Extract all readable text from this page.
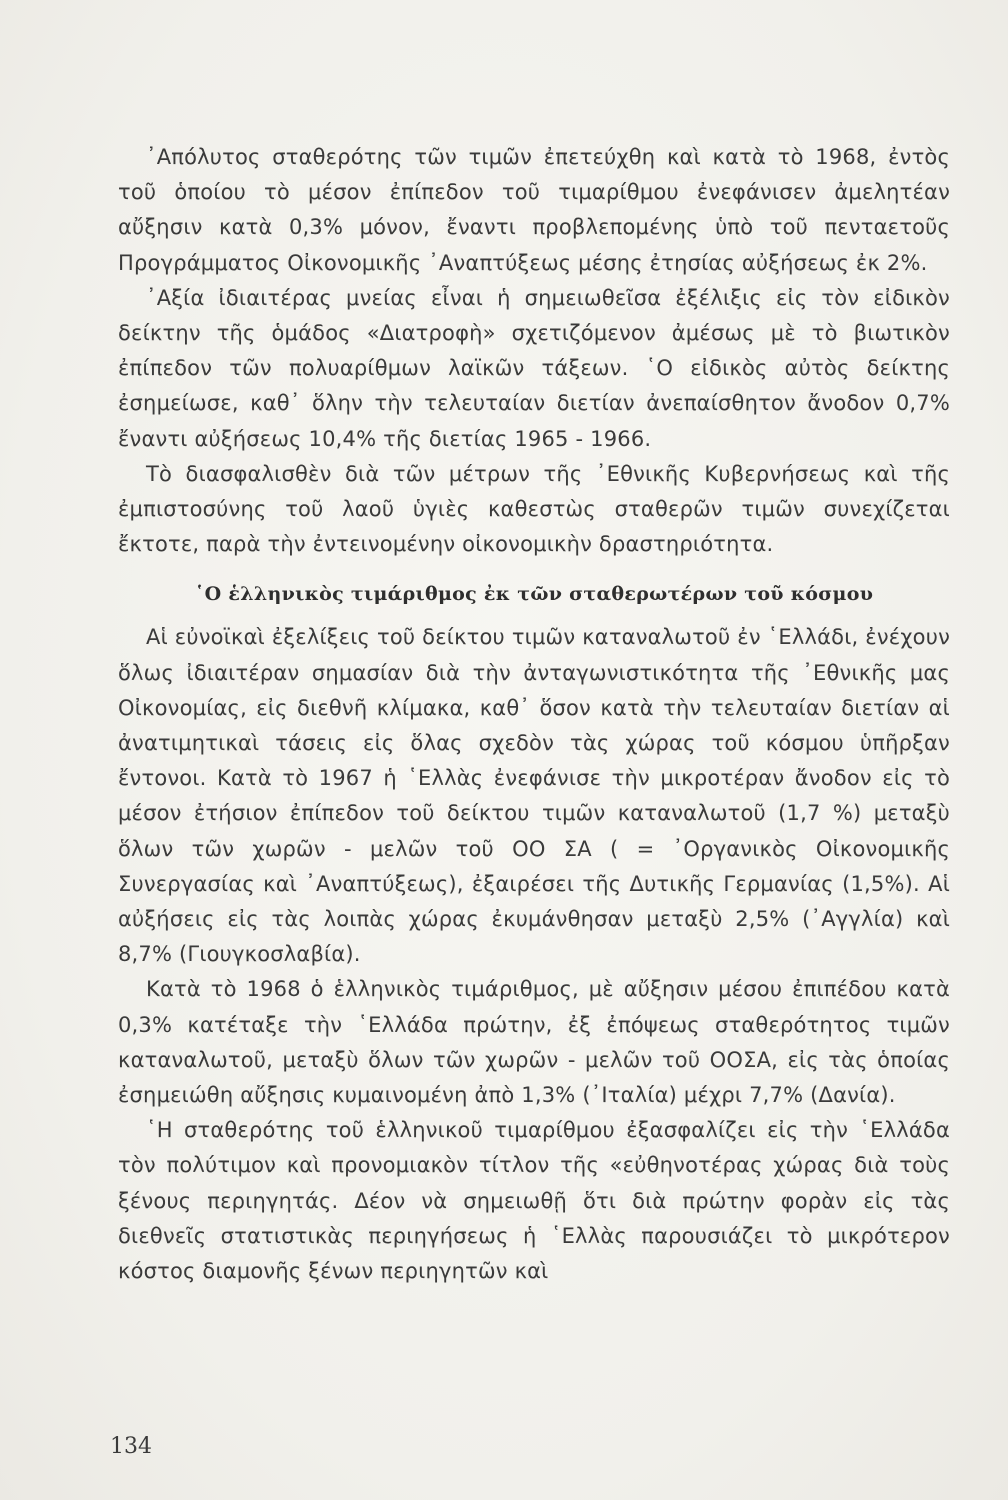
᾿Απόλυτος σταθερότης τῶν τιμῶν ἐπετεύχθη καὶ κατὰ τὸ 1968, ἐντὸς τοῦ ὁποίου τὸ μέσον ἐπίπεδον τοῦ τιμαρίθμου ἐνεφάνισεν ἀμελητέαν αὔξησιν κατὰ 0,3% μόνον, ἔναντι προβλεπομένης ὑπὸ τοῦ πενταετοῦς Προγράμματος Οἰκονομικῆς ᾿Αναπτύξεως μέσης ἐτησίας αὐξήσεως ἐκ 2%.

᾿Αξία ἰδιαιτέρας μνείας εἶναι ἡ σημειωθεῖσα ἐξέλιξις εἰς τὸν εἰδικὸν δείκτην τῆς ὁμάδος «Διατροφὴ» σχετιζόμενον ἀμέσως μὲ τὸ βιωτικὸν ἐπίπεδον τῶν πολυαρίθμων λαϊκῶν τάξεων. ῾Ο εἰδικὸς αὐτὸς δείκτης ἐσημείωσε, καθ᾿ ὅλην τὴν τελευταίαν διετίαν ἀνεπαίσθητον ἄνοδον 0,7% ἔναντι αὐξήσεως 10,4% τῆς διετίας 1965 - 1966.

Τὸ διασφαλισθὲν διὰ τῶν μέτρων τῆς ᾿Εθνικῆς Κυβερνήσεως καὶ τῆς ἐμπιστοσύνης τοῦ λαοῦ ὑγιὲς καθεστὼς σταθερῶν τιμῶν συνεχίζεται ἔκτοτε, παρὰ τὴν ἐντεινομένην οἰκονομικὴν δραστηριότητα.

῾Ο ἑλληνικὸς τιμάριθμος ἐκ τῶν σταθερωτέρων τοῦ κόσμου

Αἱ εὐνοϊκαὶ ἐξελίξεις τοῦ δείκτου τιμῶν καταναλωτοῦ ἐν ῾Ελλάδι, ἐνέχουν ὅλως ἰδιαιτέραν σημασίαν διὰ τὴν ἀνταγωνιστικότητα τῆς ᾿Εθνικῆς μας Οἰκονομίας, εἰς διεθνῆ κλίμακα, καθ᾿ ὅσον κατὰ τὴν τελευταίαν διετίαν αἱ ἀνατιμητικαὶ τάσεις εἰς ὅλας σχεδὸν τὰς χώρας τοῦ κόσμου ὑπῆρξαν ἔντονοι. Κατὰ τὸ 1967 ἡ ῾Ελλὰς ἐνεφάνισε τὴν μικροτέραν ἄνοδον εἰς τὸ μέσον ἐτήσιον ἐπίπεδον τοῦ δείκτου τιμῶν καταναλωτοῦ (1,7 %) μεταξὺ ὅλων τῶν χωρῶν - μελῶν τοῦ ΟΟ ΣΑ ( = ᾿Οργανικὸς Οἰκονομικῆς Συνεργασίας καὶ ᾿Αναπτύξεως), ἐξαιρέσει τῆς Δυτικῆς Γερμανίας (1,5%). Αἱ αὐξήσεις εἰς τὰς λοιπὰς χώρας ἐκυμάνθησαν μεταξὺ 2,5% (᾿Αγγλία) καὶ 8,7% (Γιουγκοσλαβία).

Κατὰ τὸ 1968 ὁ ἑλληνικὸς τιμάριθμος, μὲ αὔξησιν μέσου ἐπιπέδου κατὰ 0,3% κατέταξε τὴν ῾Ελλάδα πρώτην, ἐξ ἐπόψεως σταθερότητος τιμῶν καταναλωτοῦ, μεταξὺ ὅλων τῶν χωρῶν - μελῶν τοῦ ΟΟΣΑ, εἰς τὰς ὁποίας ἐσημειώθη αὔξησις κυμαινομένη ἀπὸ 1,3% (᾿Ιταλία) μέχρι 7,7% (Δανία).

῾Η σταθερότης τοῦ ἑλληνικοῦ τιμαρίθμου ἐξασφαλίζει εἰς τὴν ῾Ελλάδα τὸν πολύτιμον καὶ προνομιακὸν τίτλον τῆς «εὐθηνοτέρας χώρας διὰ τοὺς ξένους περιηγητάς. Δέον νὰ σημειωθῇ ὅτι διὰ πρώτην φορὰν εἰς τὰς διεθνεῖς στατιστικὰς περιηγήσεως ἡ ῾Ελλὰς παρουσιάζει τὸ μικρότερον κόστος διαμονῆς ξένων περιηγητῶν καὶ

134
